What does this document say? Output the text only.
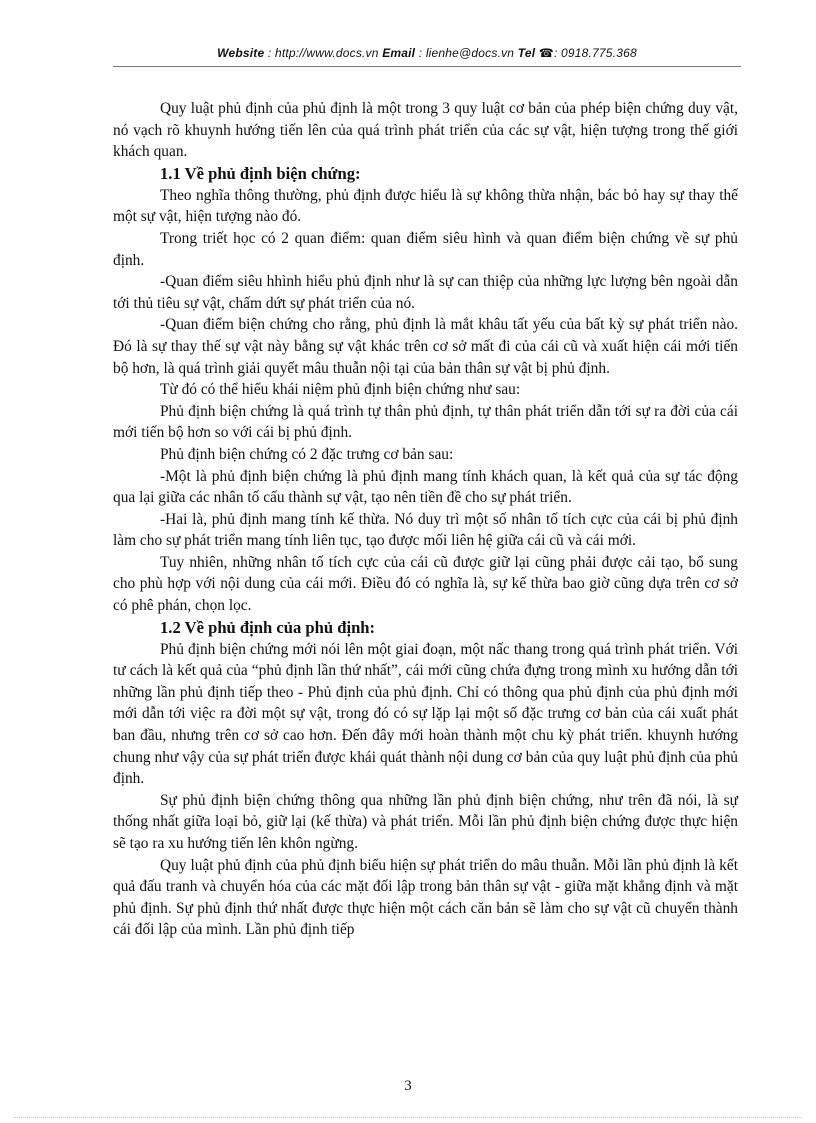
Website : http://www.docs.vn Email : lienhe@docs.vn Tel ☎: 0918.775.368

Quy luật phủ định của phủ định là một trong 3 quy luật cơ bản của phép biện chứng duy vật, nó vạch rõ khuynh hướng tiến lên của quá trình phát triển của các sự vật, hiện tượng trong thế giới khách quan.

1.1 Về phủ định biện chứng:

Theo nghĩa thông thường, phủ định được hiểu là sự không thừa nhận, bác bỏ hay sự thay thế một sự vật, hiện tượng nào đó.

Trong triết học có 2 quan điểm: quan điểm siêu hình và quan điểm biện chứng về sự phủ định.

-Quan điểm siêu hhình hiểu phủ định như là sự can thiệp của những lực lượng bên ngoài dẫn tới thủ tiêu sự vật, chấm dứt sự phát triển của nó.

-Quan điểm biện chứng cho rằng, phủ định là mắt khâu tất yếu của bất kỳ sự phát triển nào. Đó là sự thay thế sự vật này bằng sự vật khác trên cơ sở mất đi của cái cũ và xuất hiện cái mới tiến bộ hơn, là quá trình giải quyết mâu thuẫn nội tại của bản thân sự vật bị phủ định.

Từ đó có thể hiểu khái niệm phủ định biện chứng như sau:

Phủ định biện chứng là quá trình tự thân phủ định, tự thân phát triển dẫn tới sự ra đời của cái mới tiến bộ hơn so với cái bị phủ định.

Phủ định biện chứng có 2 đặc trưng cơ bản sau:

-Một là phủ định biện chứng là phủ định mang tính khách quan, là kết quả của sự tác động qua lại giữa các nhân tố cấu thành sự vật, tạo nên tiền đề cho sự phát triển.

-Hai là, phủ định mang tính kế thừa. Nó duy trì một số nhân tố tích cực của cái bị phủ định làm cho sự phát triển mang tính liên tục, tạo được mối liên hệ giữa cái cũ và cái mới.

Tuy nhiên, những nhân tố tích cực của cái cũ được giữ lại cũng phải được cải tạo, bổ sung cho phù hợp với nội dung của cái mới. Điều đó có nghĩa là, sự kế thừa bao giờ cũng dựa trên cơ sở có phê phán, chọn lọc.

1.2 Về phủ định của phủ định:

Phủ định biện chứng mới nói lên một giai đoạn, một nấc thang trong quá trình phát triển. Với tư cách là kết quả của “phủ định lần thứ nhất”, cái mới cũng chứa đựng trong mình xu hướng dẫn tới những lần phủ định tiếp theo - Phủ định của phủ định. Chỉ có thông qua phủ định của phủ định mới mới dẫn tới việc ra đời một sự vật, trong đó có sự lặp lại một số đặc trưng cơ bản của cái xuất phát ban đầu, nhưng trên cơ sở cao hơn. Đến đây mới hoàn thành một chu kỳ phát triển. khuynh hướng chung như vậy của sự phát triển được khái quát thành nội dung cơ bản của quy luật phủ định của phủ định.

Sự phủ định biện chứng thông qua những lần phủ định biện chứng, như trên đã nói, là sự thống nhất giữa loại bỏ, giữ lại (kế thừa) và phát triển. Mỗi lần phủ định biện chứng được thực hiện sẽ tạo ra xu hướng tiến lên khôn ngừng.

Quy luật phủ định của phủ định biểu hiện sự phát triển do mâu thuẫn. Mỗi lần phủ định là kết quả đấu tranh và chuyển hóa của các mặt đối lập trong bản thân sự vật - giữa mặt khẳng định và mặt phủ định. Sự phủ định thứ nhất được thực hiện một cách căn bản sẽ làm cho sự vật cũ chuyển thành cái đối lập của mình. Lần phủ định tiếp

3
